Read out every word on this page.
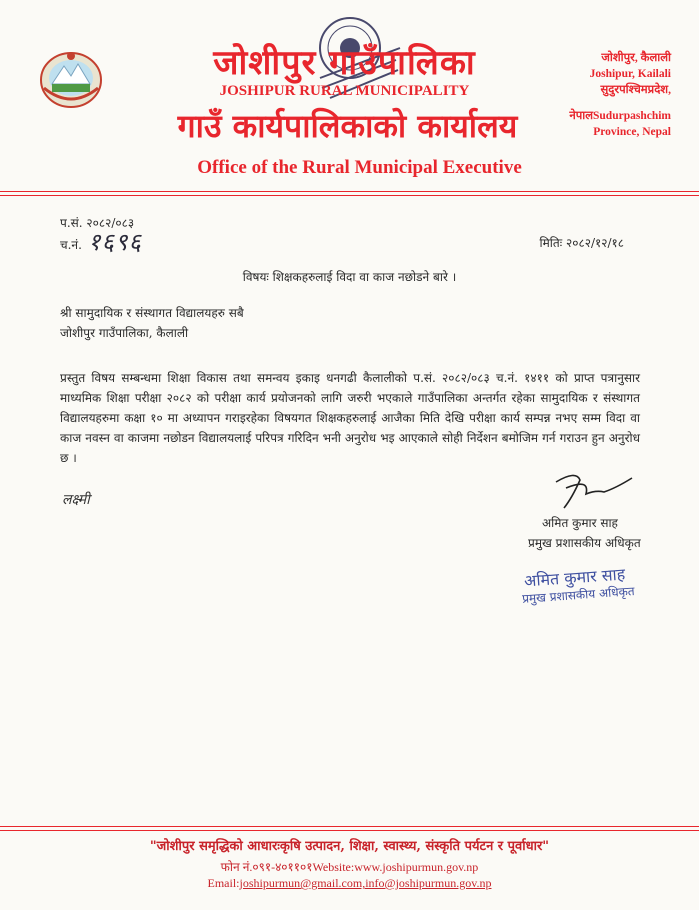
जोशीपुर गाउँपालिका
JOSHIPUR RURAL MUNICIPALITY
गाउँ कार्यपालिकाको कार्यालय
Office of the Rural Municipal Executive
जोशीपुर, कैलाली
Joshipur, Kailali
सुदुरपश्चिमप्रदेश,
नेपालSudurpashchim
Province, Nepal
प.सं. २०८२/०८३
च.नं. १६९६	मितिः २०८२/१२/१८
विषयः शिक्षकहरुलाई विदा वा काज नछोडने बारे ।
श्री सामुदायिक र संस्थागत विद्यालयहरु सबै
जोशीपुर गाउँपालिका, कैलाली
प्रस्तुत विषय सम्बन्धमा शिक्षा विकास तथा समन्वय इकाइ धनगढी कैलालीको प.सं. २०८२/०८३ च.नं. १४११ को प्राप्त पत्रानुसार माध्यमिक शिक्षा परीक्षा २०८२ को परीक्षा कार्य प्रयोजनको लागि जरुरी भएकाले गाउँपालिका अन्तर्गत रहेका सामुदायिक र संस्थागत विद्यालयहरुमा कक्षा १० मा अध्यापन गराइरहेका विषयगत शिक्षकहरुलाई आजैका मिति देखि परीक्षा कार्य सम्पन्न नभए सम्म विदा वा काज नवस्न वा काजमा नछोडन विद्यालयलाई परिपत्र गरिदिन भनी अनुरोध भइ आएकाले सोही निर्देशन बमोजिम गर्न गराउन हुन अनुरोध छ ।
लक्ष्मी
अमित कुमार साह
प्रमुख प्रशासकीय अधिकृत
अमित कुमार साह
प्रमुख प्रशासकीय अधिकृत
"जोशीपुर समृद्धिको आधारःकृषि उत्पादन, शिक्षा, स्वास्थ्य, संस्कृति पर्यटन र पूर्वाधार"
फोन नं.०९१-४०११०१Website:www.joshipurmun.gov.np
Email:joshipurmun@gmail.com,info@joshipurmun.gov.np
